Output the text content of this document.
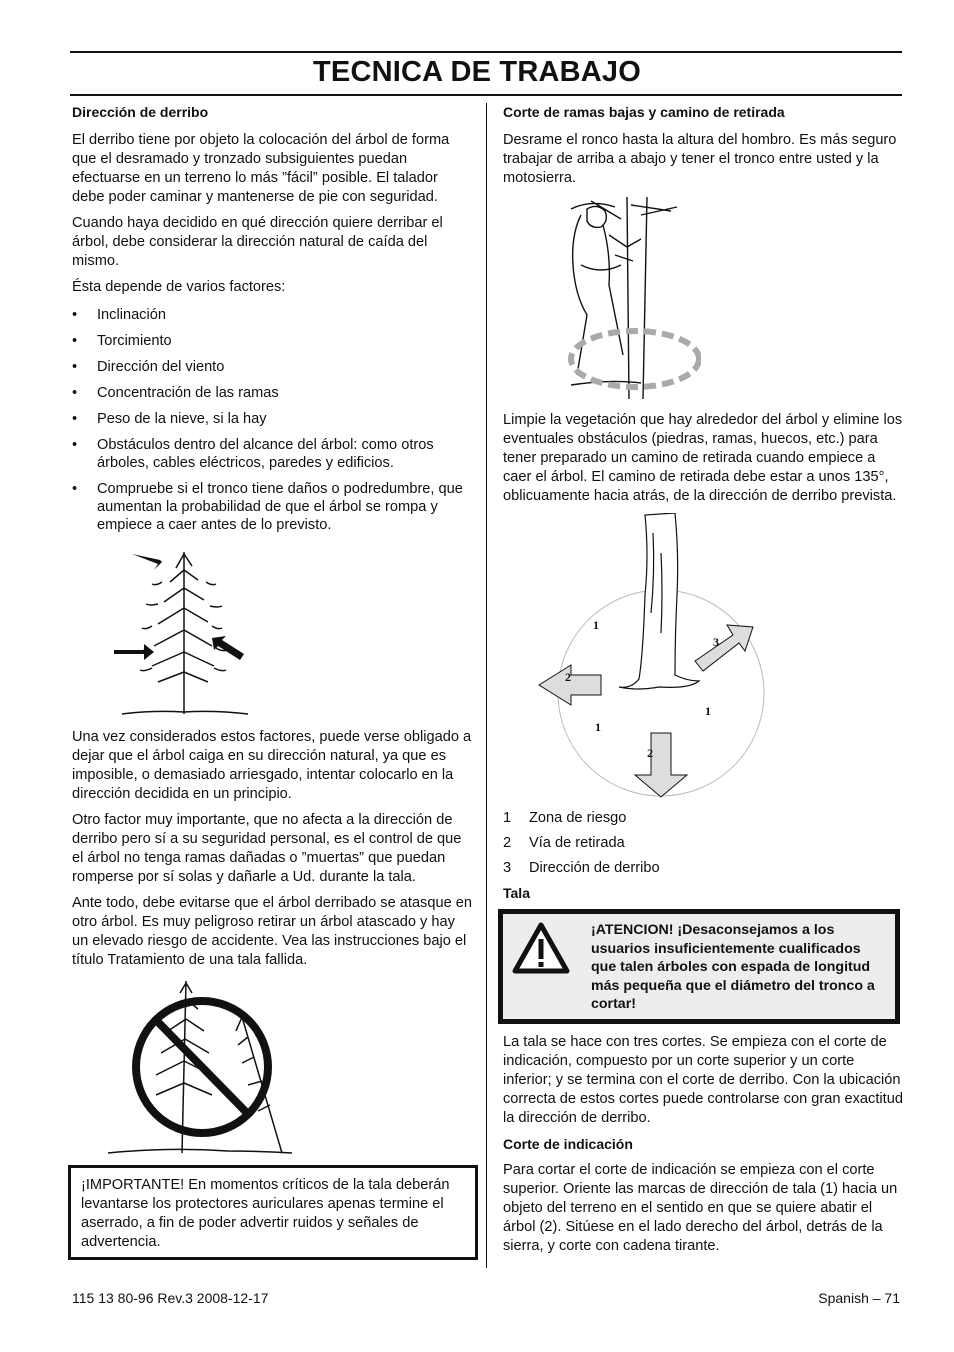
TECNICA DE TRABAJO
Dirección de derribo

El derribo tiene por objeto la colocación del árbol de forma que el desramado y tronzado subsiguientes puedan efectuarse en un terreno lo más ”fácil” posible. El talador debe poder caminar y mantenerse de pie con seguridad.

Cuando haya decidido en qué dirección quiere derribar el árbol, debe considerar la dirección natural de caída del mismo.

Ésta depende de varios factores:

• Inclinación
• Torcimiento
• Dirección del viento
• Concentración de las ramas
• Peso de la nieve, si la hay
• Obstáculos dentro del alcance del árbol: como otros árboles, cables eléctricos, paredes y edificios.
• Compruebe si el tronco tiene daños o podredumbre, que aumentan la probabilidad de que el árbol se rompa y empiece a caer antes de lo previsto.

Una vez considerados estos factores, puede verse obligado a dejar que el árbol caiga en su dirección natural, ya que es imposible, o demasiado arriesgado, intentar colocarlo en la dirección decidida en un principio.

Otro factor muy importante, que no afecta a la dirección de derribo pero sí a su seguridad personal, es el control de que el árbol no tenga ramas dañadas o ”muertas” que puedan romperse por sí solas y dañarle a Ud. durante la tala.

Ante todo, debe evitarse que el árbol derribado se atasque en otro árbol. Es muy peligroso retirar un árbol atascado y hay un elevado riesgo de accidente. Vea las instrucciones bajo el título Tratamiento de una tala fallida.

¡IMPORTANTE! En momentos críticos de la tala deberán levantarse los protectores auriculares apenas termine el aserrado, a fin de poder advertir ruidos y señales de advertencia.

Corte de ramas bajas y camino de retirada

Desrame el ronco hasta la altura del hombro. Es más seguro trabajar de arriba a abajo y tener el tronco entre usted y la motosierra.

Limpie la vegetación que hay alrededor del árbol y elimine los eventuales obstáculos (piedras, ramas, huecos, etc.) para tener preparado un camino de retirada cuando empiece a caer el árbol. El camino de retirada debe estar a unos 135°, oblicuamente hacia atrás, de la dirección de derribo prevista.

1
2
3
1
1
2
1 Zona de riesgo
2 Vía de retirada
3 Dirección de derribo
Tala
¡ATENCION! ¡Desaconsejamos a los usuarios insuficientemente cualificados que talen árboles con espada de longitud más pequeña que el diámetro del tronco a cortar!

La tala se hace con tres cortes. Se empieza con el corte de indicación, compuesto por un corte superior y un corte inferior; y se termina con el corte de derribo. Con la ubicación correcta de estos cortes puede controlarse con gran exactitud la dirección de derribo.

Corte de indicación

Para cortar el corte de indicación se empieza con el corte superior. Oriente las marcas de dirección de tala (1) hacia un objeto del terreno en el sentido en que se quiere abatir el árbol (2). Sitúese en el lado derecho del árbol, detrás de la sierra, y corte con cadena tirante.

115 13 80-96 Rev.3 2008-12-17	Spanish – 71
